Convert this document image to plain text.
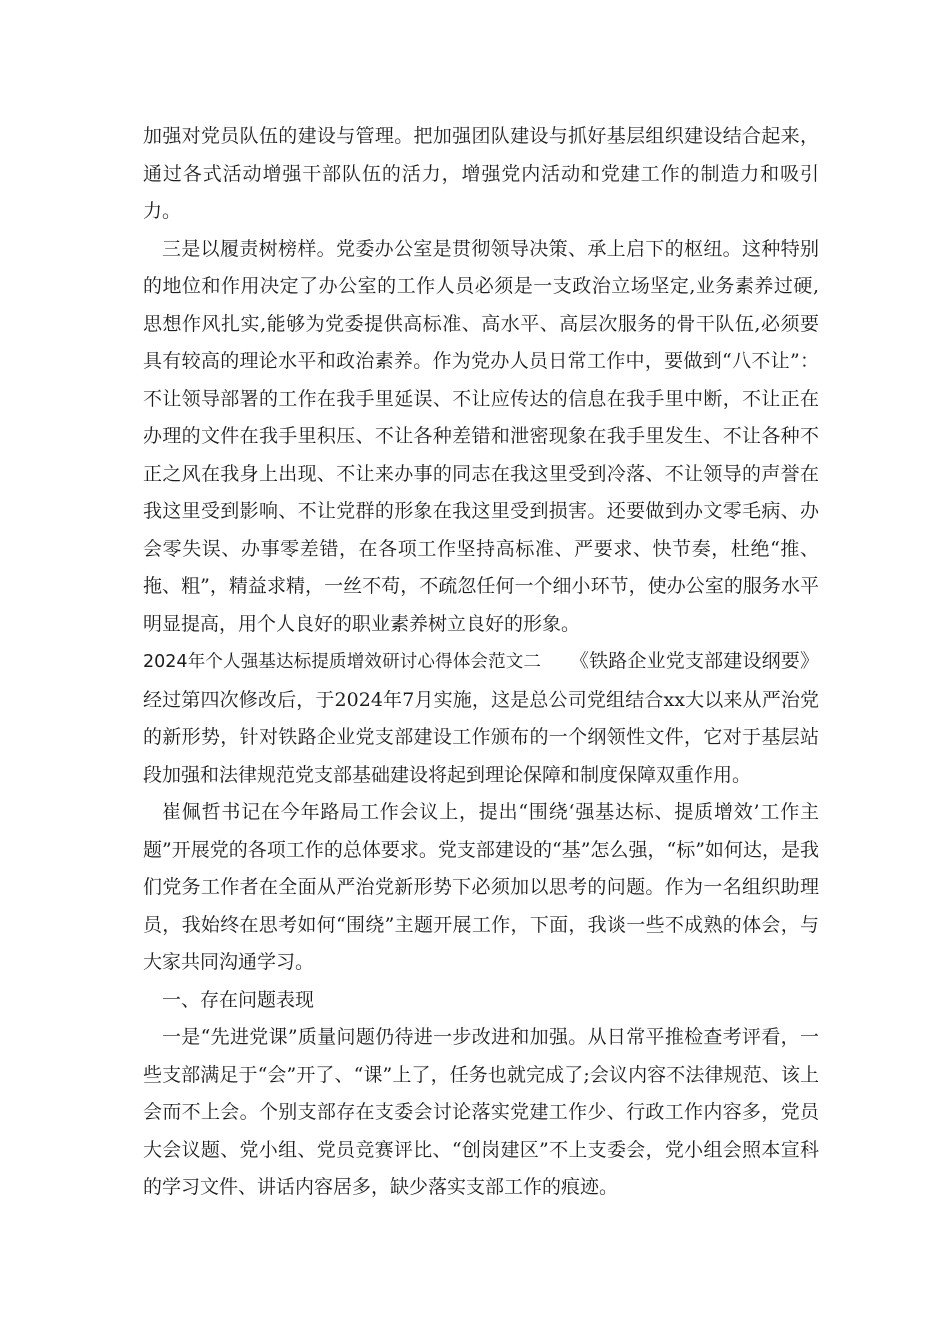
加强对党员队伍的建设与管理。把加强团队建设与抓好基层组织建设结合起来，通过各式活动增强干部队伍的活力，增强党内活动和党建工作的制造力和吸引力。

三是以履责树榜样。党委办公室是贯彻领导决策、承上启下的枢纽。这种特别的地位和作用决定了办公室的工作人员必须是一支政治立场坚定,业务素养过硬,思想作风扎实,能够为党委提供高标准、高水平、高层次服务的骨干队伍,必须要具有较高的理论水平和政治素养。作为党办人员日常工作中，要做到“八不让”：不让领导部署的工作在我手里延误、不让应传达的信息在我手里中断，不让正在办理的文件在我手里积压、不让各种差错和泄密现象在我手里发生、不让各种不正之风在我身上出现、不让来办事的同志在我这里受到冷落、不让领导的声誉在我这里受到影响、不让党群的形象在我这里受到损害。还要做到办文零毛病、办会零失误、办事零差错，在各项工作坚持高标准、严要求、快节奏，杜绝“推、拖、粗”，精益求精，一丝不苟，不疏忽任何一个细小环节，使办公室的服务水平明显提高，用个人良好的职业素养树立良好的形象。

2024年个人强基达标提质增效研讨心得体会范文二　　 《铁路企业党支部建设纲要》经过第四次修改后，于2024年7月实施，这是总公司党组结合xx大以来从严治党的新形势，针对铁路企业党支部建设工作颁布的一个纲领性文件，它对于基层站段加强和法律规范党支部基础建设将起到理论保障和制度保障双重作用。

崔佩哲书记在今年路局工作会议上，提出“围绕‘强基达标、提质增效’工作主题”开展党的各项工作的总体要求。党支部建设的“基”怎么强，“标”如何达，是我们党务工作者在全面从严治党新形势下必须加以思考的问题。作为一名组织助理员，我始终在思考如何“围绕”主题开展工作，下面，我谈一些不成熟的体会，与大家共同沟通学习。

一、存在问题表现

一是“先进党课”质量问题仍待进一步改进和加强。从日常平推检查考评看，一些支部满足于“会”开了、“课”上了，任务也就完成了;会议内容不法律规范、该上会而不上会。个别支部存在支委会讨论落实党建工作少、行政工作内容多，党员大会议题、党小组、党员竞赛评比、“创岗建区”不上支委会，党小组会照本宣科的学习文件、讲话内容居多，缺少落实支部工作的痕迹。
